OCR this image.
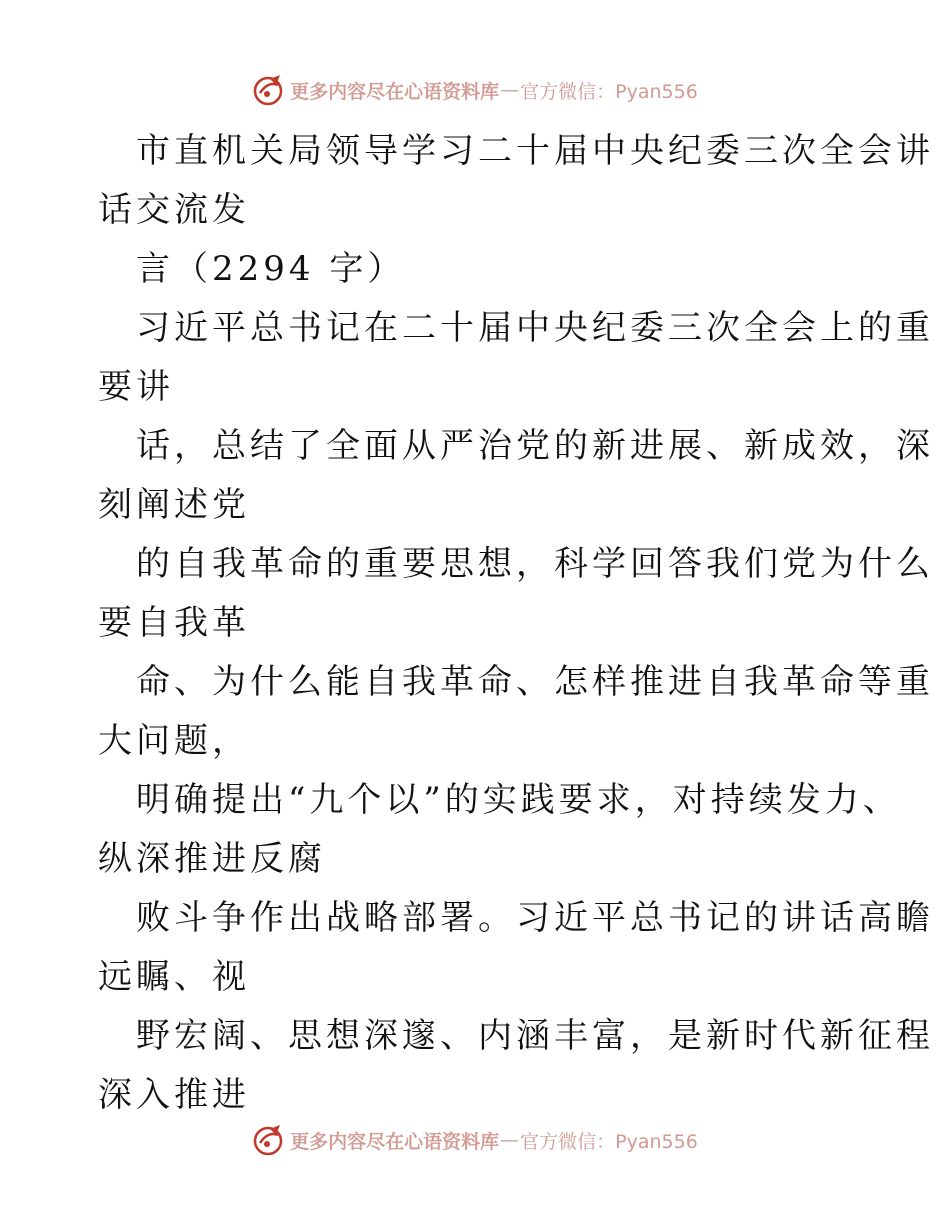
更多内容尽在心语资料库 — 官方微信：Pyan556
市直机关局领导学习二十届中央纪委三次全会讲
话交流发
言（2294 字）
习近平总书记在二十届中央纪委三次全会上的重
要讲
话，总结了全面从严治党的新进展、新成效，深
刻阐述党
的自我革命的重要思想，科学回答我们党为什么
要自我革
命、为什么能自我革命、怎样推进自我革命等重
大问题，
明确提出“九个以”的实践要求，对持续发力、
纵深推进反腐
败斗争作出战略部署。习近平总书记的讲话高瞻
远瞩、视
野宏阔、思想深邃、内涵丰富，是新时代新征程
深入推进
更多内容尽在心语资料库 — 官方微信：Pyan556
